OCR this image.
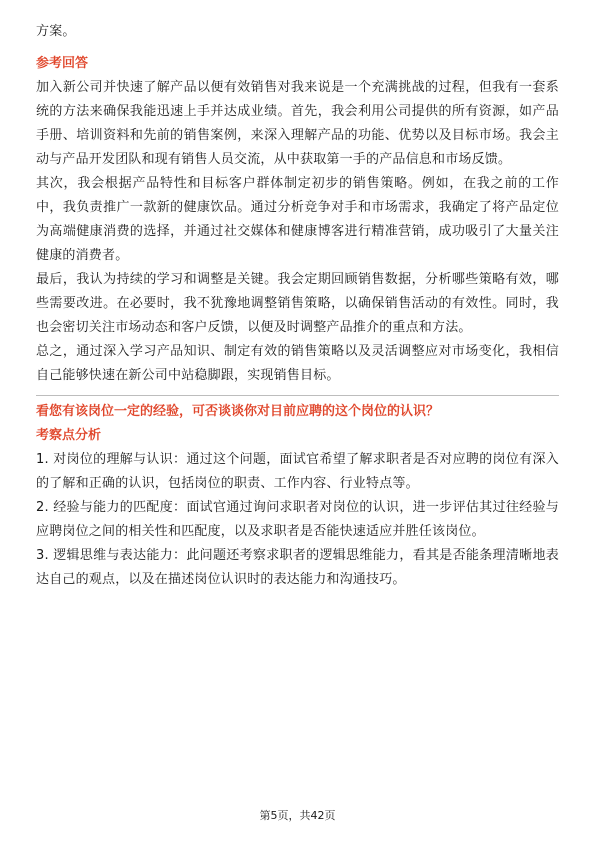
方案。

参考回答

加入新公司并快速了解产品以便有效销售对我来说是一个充满挑战的过程，但我有一套系统的方法来确保我能迅速上手并达成业绩。首先，我会利用公司提供的所有资源，如产品手册、培训资料和先前的销售案例，来深入理解产品的功能、优势以及目标市场。我会主动与产品开发团队和现有销售人员交流，从中获取第一手的产品信息和市场反馈。

其次，我会根据产品特性和目标客户群体制定初步的销售策略。例如，在我之前的工作中，我负责推广一款新的健康饮品。通过分析竞争对手和市场需求，我确定了将产品定位为高端健康消费的选择，并通过社交媒体和健康博客进行精准营销，成功吸引了大量关注健康的消费者。

最后，我认为持续的学习和调整是关键。我会定期回顾销售数据，分析哪些策略有效，哪些需要改进。在必要时，我不犹豫地调整销售策略，以确保销售活动的有效性。同时，我也会密切关注市场动态和客户反馈，以便及时调整产品推介的重点和方法。

总之，通过深入学习产品知识、制定有效的销售策略以及灵活调整应对市场变化，我相信自己能够快速在新公司中站稳脚跟，实现销售目标。

看您有该岗位一定的经验，可否谈谈你对目前应聘的这个岗位的认识？
考察点分析

1. 对岗位的理解与认识：通过这个问题，面试官希望了解求职者是否对应聘的岗位有深入的了解和正确的认识，包括岗位的职责、工作内容、行业特点等。

2. 经验与能力的匹配度：面试官通过询问求职者对岗位的认识，进一步评估其过往经验与应聘岗位之间的相关性和匹配度，以及求职者是否能快速适应并胜任该岗位。

3. 逻辑思维与表达能力：此问题还考察求职者的逻辑思维能力，看其是否能条理清晰地表达自己的观点，以及在描述岗位认识时的表达能力和沟通技巧。

第5页，共42页
